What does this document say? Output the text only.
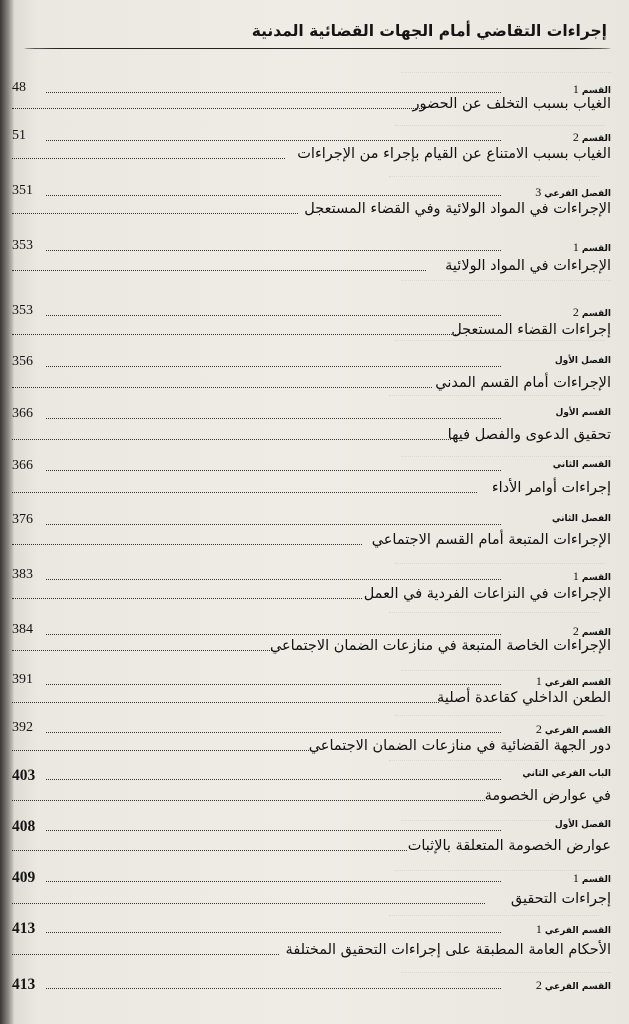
إجراءات التقاضي أمام الجهات القضائية المدنية
48	القسم 1
الغياب بسبب التخلف عن الحضور
51	القسم 2
الغياب بسبب الامتناع عن القيام بإجراء من الإجراءات
351	الفصل الفرعي 3
الإجراءات في المواد الولائية وفي القضاء المستعجل
353	القسم 1
الإجراءات في المواد الولائية
353	القسم 2
إجراءات القضاء المستعجل
356	الفصل الأول
الإجراءات أمام القسم المدني
366	القسم الأول
تحقيق الدعوى والفصل فيها
366	القسم الثاني
إجراءات أوامر الأداء
376	الفصل الثاني
الإجراءات المتبعة أمام القسم الاجتماعي
383	القسم 1
الإجراءات في النزاعات الفردية في العمل
384	القسم 2
الإجراءات الخاصة المتبعة في منازعات الضمان الاجتماعي
391	القسم الفرعي 1
الطعن الداخلي كقاعدة أصلية
392	القسم الفرعي 2
دور الجهة القضائية في منازعات الضمان الاجتماعي
403	الباب الفرعي الثاني
في عوارض الخصومة
408	الفصل الأول
عوارض الخصومة المتعلقة بالإثبات
409	القسم 1
إجراءات التحقيق
413	القسم الفرعي 1
الأحكام العامة المطبقة على إجراءات التحقيق المختلفة
413	القسم الفرعي 2
